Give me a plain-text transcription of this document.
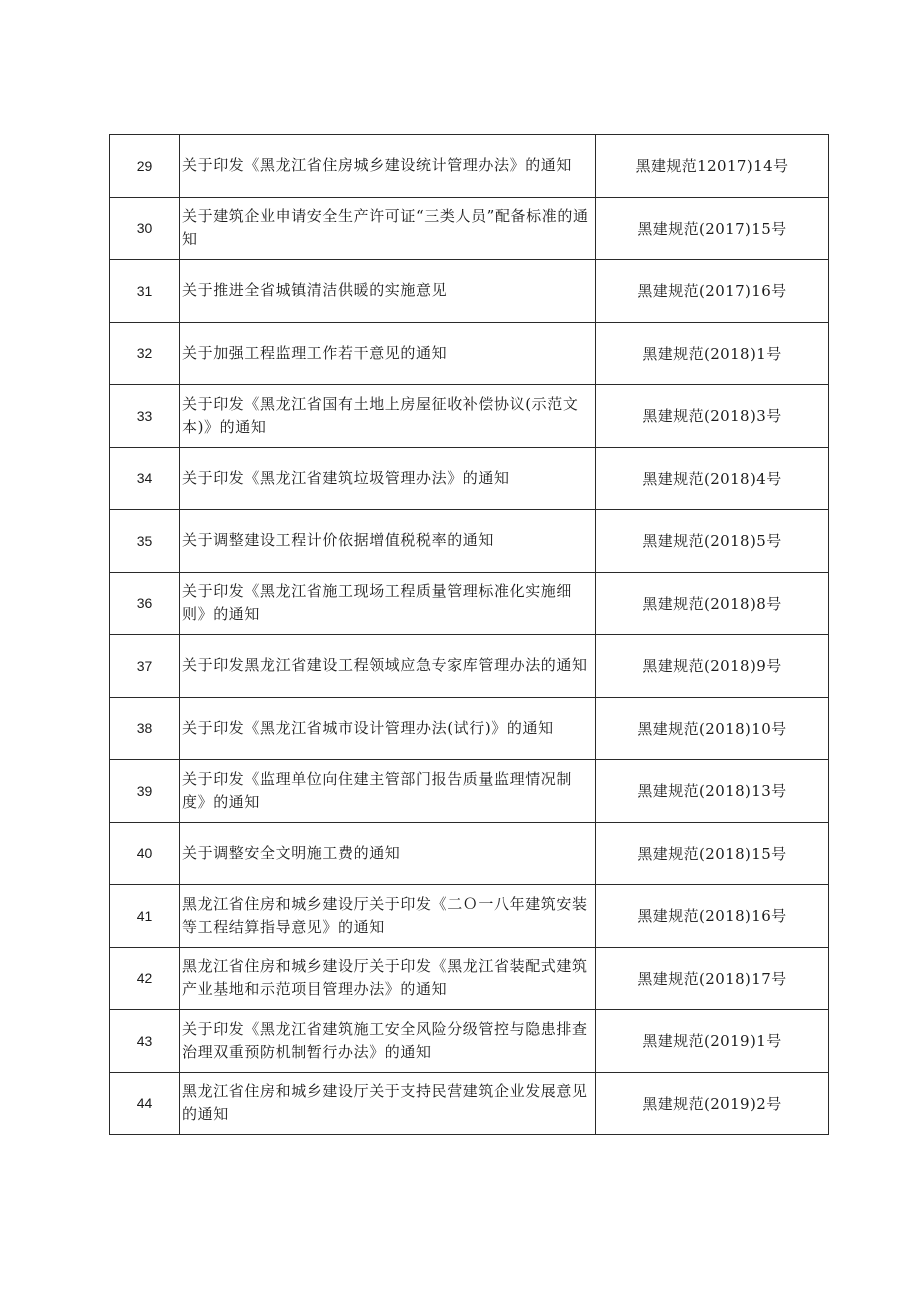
29	关于印发《黑龙江省住房城乡建设统计管理办法》的通知	黑建规范12017)14号
30	关于建筑企业申请安全生产许可证“三类人员”配备标准的通知	黑建规范(2017)15号
31	关于推进全省城镇清洁供暖的实施意见	黑建规范(2017)16号
32	关于加强工程监理工作若干意见的通知	黑建规范(2018)1号
33	关于印发《黑龙江省国有土地上房屋征收补偿协议(示范文本)》的通知	黑建规范(2018)3号
34	关于印发《黑龙江省建筑垃圾管理办法》的通知	黑建规范(2018)4号
35	关于调整建设工程计价依据增值税税率的通知	黑建规范(2018)5号
36	关于印发《黑龙江省施工现场工程质量管理标准化实施细则》的通知	黑建规范(2018)8号
37	关于印发黑龙江省建设工程领域应急专家库管理办法的通知	黑建规范(2018)9号
38	关于印发《黑龙江省城市设计管理办法(试行)》的通知	黑建规范(2018)10号
39	关于印发《监理单位向住建主管部门报告质量监理情况制度》的通知	黑建规范(2018)13号
40	关于调整安全文明施工费的通知	黑建规范(2018)15号
41	黑龙江省住房和城乡建设厅关于印发《二Ｏ一八年建筑安装等工程结算指导意见》的通知	黑建规范(2018)16号
42	黑龙江省住房和城乡建设厅关于印发《黑龙江省装配式建筑产业基地和示范项目管理办法》的通知	黑建规范(2018)17号
43	关于印发《黑龙江省建筑施工安全风险分级管控与隐患排查治理双重预防机制暂行办法》的通知	黑建规范(2019)1号
44	黑龙江省住房和城乡建设厅关于支持民营建筑企业发展意见的通知	黑建规范(2019)2号
